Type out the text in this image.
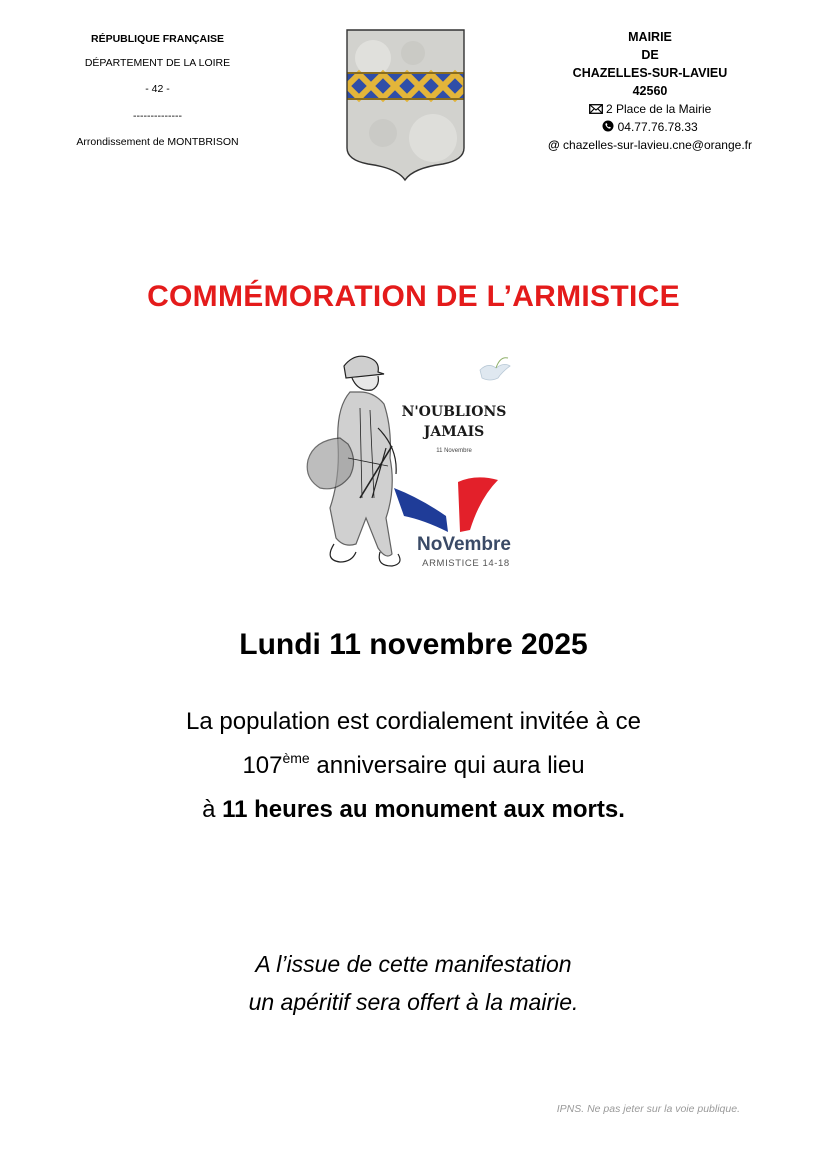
RÉPUBLIQUE FRANÇAISE
DÉPARTEMENT DE LA LOIRE
- 42 -
--------------
Arrondissement de MONTBRISON
MAIRIE
DE
CHAZELLES-SUR-LAVIEU
42560
2 Place de la Mairie
04.77.76.78.33
@ chazelles-sur-lavieu.cne@orange.fr
COMMÉMORATION DE L’ARMISTICE
N'OUBLIONS
JAMAIS
11 Novembre
NoVembre
ARMISTICE 14-18
Lundi 11 novembre 2025
La population est cordialement invitée à ce
107ème anniversaire qui aura lieu
à 11 heures au monument aux morts.
A l’issue de cette manifestation
un apéritif sera offert à la mairie.
IPNS. Ne pas jeter sur la voie publique.
